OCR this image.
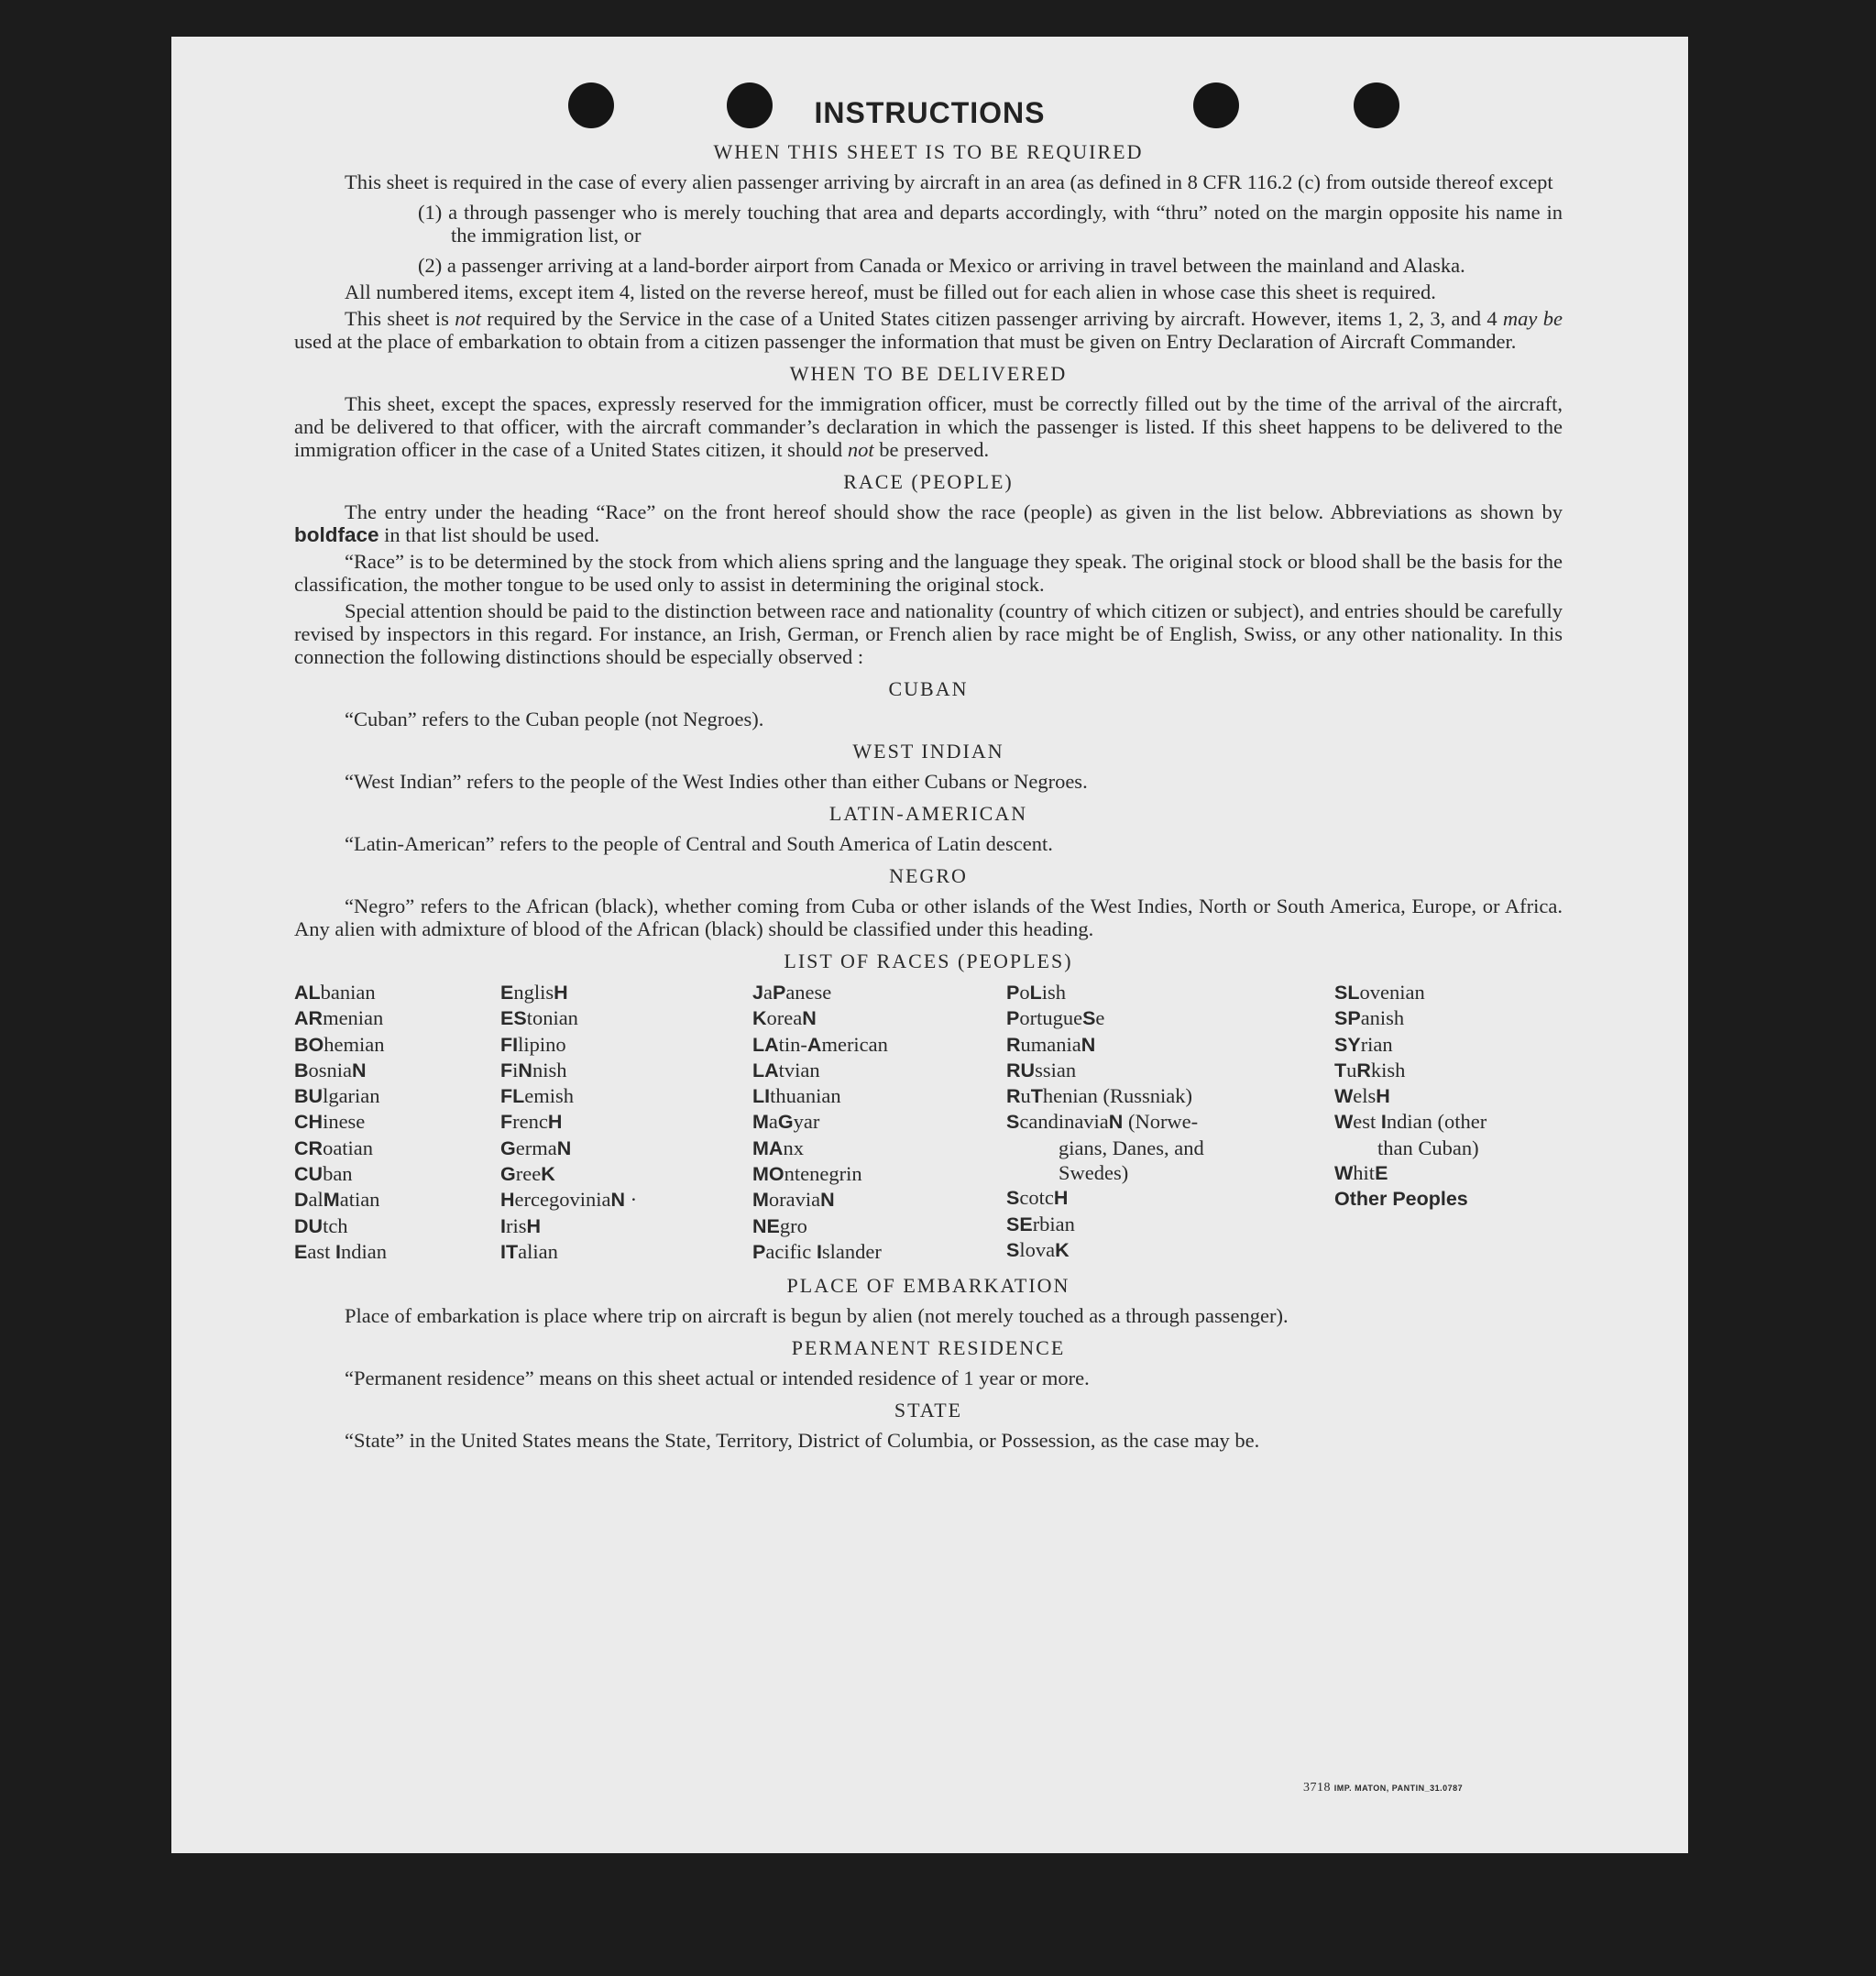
INSTRUCTIONS
WHEN THIS SHEET IS TO BE REQUIRED
This sheet is required in the case of every alien passenger arriving by aircraft in an area (as defined in 8 CFR 116.2 (c) from outside thereof except
(1) a through passenger who is merely touching that area and departs accordingly, with “thru” noted on the margin opposite his name in the immigration list, or
(2) a passenger arriving at a land-border airport from Canada or Mexico or arriving in travel between the mainland and Alaska.
All numbered items, except item 4, listed on the reverse hereof, must be filled out for each alien in whose case this sheet is required.
This sheet is not required by the Service in the case of a United States citizen passenger arriving by aircraft. However, items 1, 2, 3, and 4 may be used at the place of embarkation to obtain from a citizen passenger the information that must be given on Entry Declaration of Aircraft Commander.
WHEN TO BE DELIVERED
This sheet, except the spaces, expressly reserved for the immigration officer, must be correctly filled out by the time of the arrival of the aircraft, and be delivered to that officer, with the aircraft commander’s declaration in which the passenger is listed. If this sheet happens to be delivered to the immigration officer in the case of a United States citizen, it should not be preserved.
RACE (PEOPLE)
The entry under the heading “Race” on the front hereof should show the race (people) as given in the list below. Abbreviations as shown by boldface in that list should be used.
“Race” is to be determined by the stock from which aliens spring and the language they speak. The original stock or blood shall be the basis for the classification, the mother tongue to be used only to assist in determining the original stock.
Special attention should be paid to the distinction between race and nationality (country of which citizen or subject), and entries should be carefully revised by inspectors in this regard. For instance, an Irish, German, or French alien by race might be of English, Swiss, or any other nationality. In this connection the following distinctions should be especially observed :
CUBAN
“Cuban” refers to the Cuban people (not Negroes).
WEST INDIAN
“West Indian” refers to the people of the West Indies other than either Cubans or Negroes.
LATIN-AMERICAN
“Latin-American” refers to the people of Central and South America of Latin descent.
NEGRO
“Negro” refers to the African (black), whether coming from Cuba or other islands of the West Indies, North or South America, Europe, or Africa. Any alien with admixture of blood of the African (black) should be classified under this heading.
LIST OF RACES (PEOPLES)
ALbanian
ARmenian
BOhemian
BosniaN
BUlgarian
CHinese
CRoatian
CUban
DalMatian
DUtch
East Indian
EnglisH
EStonian
FIlipino
FiNnish
FLemish
FrencH
GermaN
GreeK
HercegoviniaN ·
IrisH
ITalian
JaPanese
KoreaN
LAtin-American
LAtvian
LIthuanian
MaGyar
MAnx
MOntenegrin
MoraviaN
NEgro
Pacific Islander
PoLish
PortugueSe
RumaniaN
RUssian
RuThenian (Russniak)
ScandinaviaN (Norwe-
gians, Danes, and
Swedes)
ScotcH
SErbian
SlovaK
SLovenian
SPanish
SYrian
TuRkish
WelsH
West Indian (other
than Cuban)
WhitE
Other Peoples
PLACE OF EMBARKATION
Place of embarkation is place where trip on aircraft is begun by alien (not merely touched as a through passenger).
PERMANENT RESIDENCE
“Permanent residence” means on this sheet actual or intended residence of 1 year or more.
STATE
“State” in the United States means the State, Territory, District of Columbia, or Possession, as the case may be.
3718 IMP. MATON, PANTIN_31.0787
